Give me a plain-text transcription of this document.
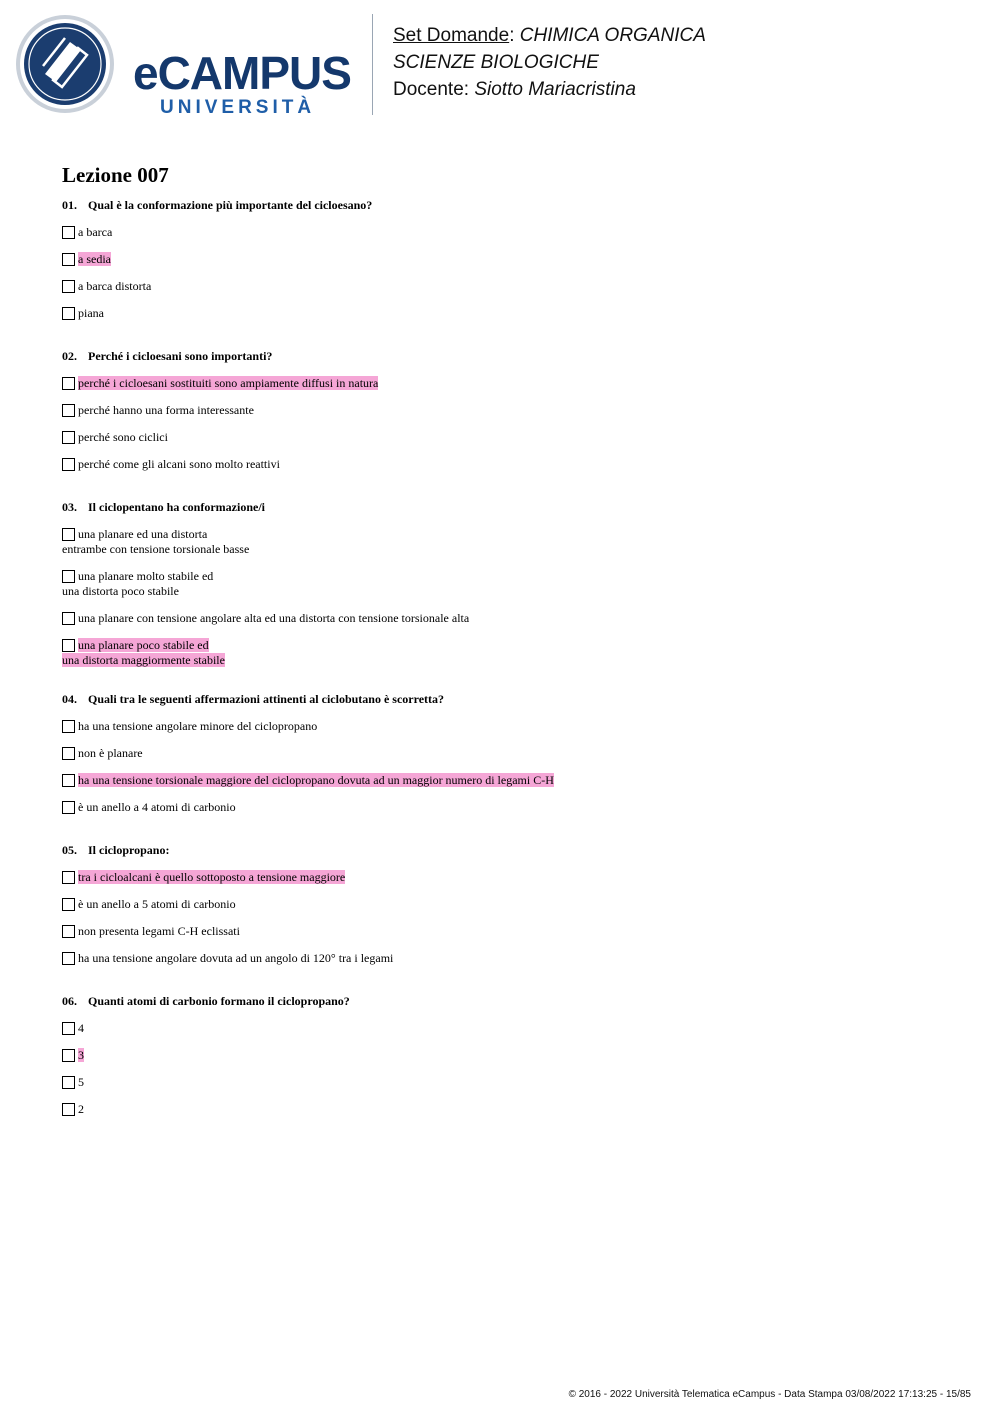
eCAMPUS
UNIVERSITÀ
Set Domande: CHIMICA ORGANICA
SCIENZE BIOLOGICHE
Docente: Siotto Mariacristina
Lezione 007
01. Qual è la conformazione più importante del cicloesano?
a barca
a sedia
a barca distorta
piana
02. Perché i cicloesani sono importanti?
perché i cicloesani sostituiti sono ampiamente diffusi in natura
perché hanno una forma interessante
perché sono ciclici
perché come gli alcani sono molto reattivi
03. Il ciclopentano ha conformazione/i
una planare ed una distorta
entrambe con tensione torsionale basse
una planare molto stabile ed
una distorta poco stabile
una planare con tensione angolare alta ed una distorta con tensione torsionale alta
una planare poco stabile ed
una distorta maggiormente stabile
04. Quali tra le seguenti affermazioni attinenti al ciclobutano è scorretta?
ha una tensione angolare minore del ciclopropano
non è planare
ha una tensione torsionale maggiore del ciclopropano dovuta ad un maggior numero di legami C-H
è un anello a 4 atomi di carbonio
05. Il ciclopropano:
tra i cicloalcani è quello sottoposto a tensione maggiore
è un anello a 5 atomi di carbonio
non presenta legami C-H eclissati
ha una tensione angolare dovuta ad un angolo di 120° tra i legami
06. Quanti atomi di carbonio formano il ciclopropano?
4
3
5
2
© 2016 - 2022 Università Telematica eCampus - Data Stampa 03/08/2022 17:13:25 - 15/85
